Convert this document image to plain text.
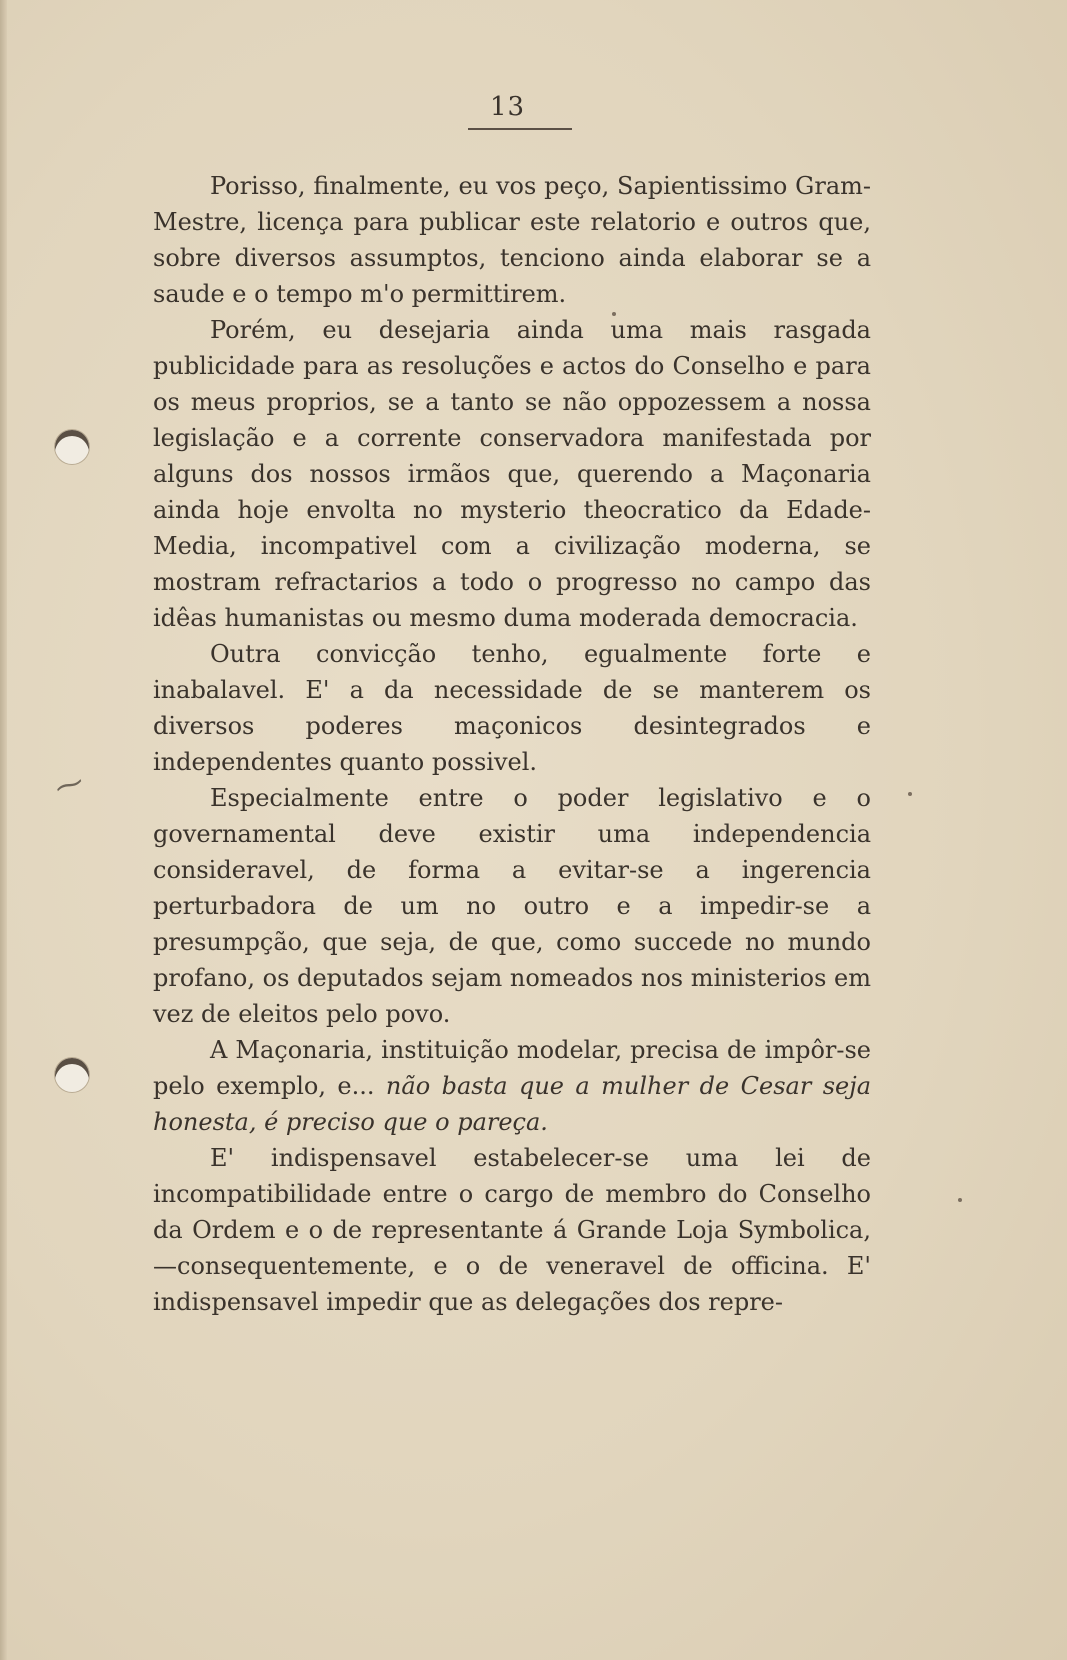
⁓
13

Porisso, finalmente, eu vos peço, Sapientissimo Gram-Mestre, licença para publicar este relatorio e outros que, sobre diversos assumptos, tenciono ainda elaborar se a saude e o tempo m'o permittirem.

Porém, eu desejaria ainda uma mais rasgada publicidade para as resoluções e actos do Conselho e para os meus proprios, se a tanto se não oppozessem a nossa legislação e a corrente conservadora manifestada por alguns dos nossos irmãos que, querendo a Maçonaria ainda hoje envolta no mysterio theocratico da Edade-Media, incompativel com a civilização moderna, se mostram refractarios a todo o progresso no campo das idêas humanistas ou mesmo duma moderada democracia.

Outra convicção tenho, egualmente forte e inabalavel. E' a da necessidade de se manterem os diversos poderes maçonicos desintegrados e independentes quanto possivel.

Especialmente entre o poder legislativo e o governamental deve existir uma independencia consideravel, de forma a evitar-se a ingerencia perturbadora de um no outro e a impedir-se a presumpção, que seja, de que, como succede no mundo profano, os deputados sejam nomeados nos ministerios em vez de eleitos pelo povo.

A Maçonaria, instituição modelar, precisa de impôr-se pelo exemplo, e... não basta que a mulher de Cesar seja honesta, é preciso que o pareça.

E' indispensavel estabelecer-se uma lei de incompatibilidade entre o cargo de membro do Conselho da Ordem e o de representante á Grande Loja Symbolica, —consequentemente, e o de veneravel de officina. E' indispensavel impedir que as delegações dos repre-
